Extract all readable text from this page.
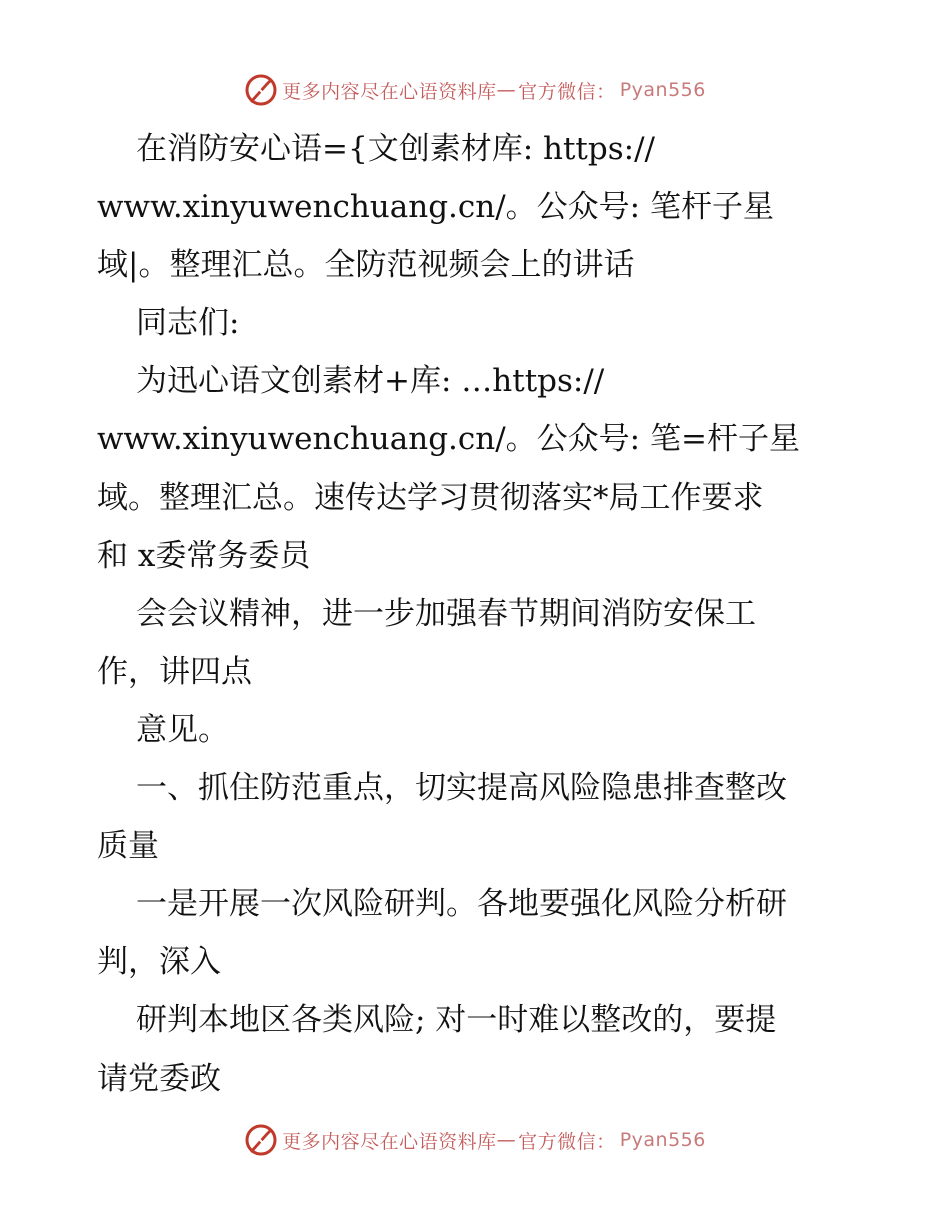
更多内容尽在心语资料库 — 官方微信： Pyan556
在消防安心语={文创素材库: https://
www.xinyuwenchuang.cn/。公众号: 笔杆子星
域|。整理汇总。全防范视频会上的讲话
同志们:
为迅心语文创素材+库: …https://
www.xinyuwenchuang.cn/。公众号: 笔=杆子星
域。整理汇总。速传达学习贯彻落实*局工作要求
和 x委常务委员
会会议精神，进一步加强春节期间消防安保工
作，讲四点
意见。
一、抓住防范重点，切实提高风险隐患排查整改
质量
一是开展一次风险研判。各地要强化风险分析研
判，深入
研判本地区各类风险; 对一时难以整改的，要提
请党委政
更多内容尽在心语资料库 — 官方微信： Pyan556
